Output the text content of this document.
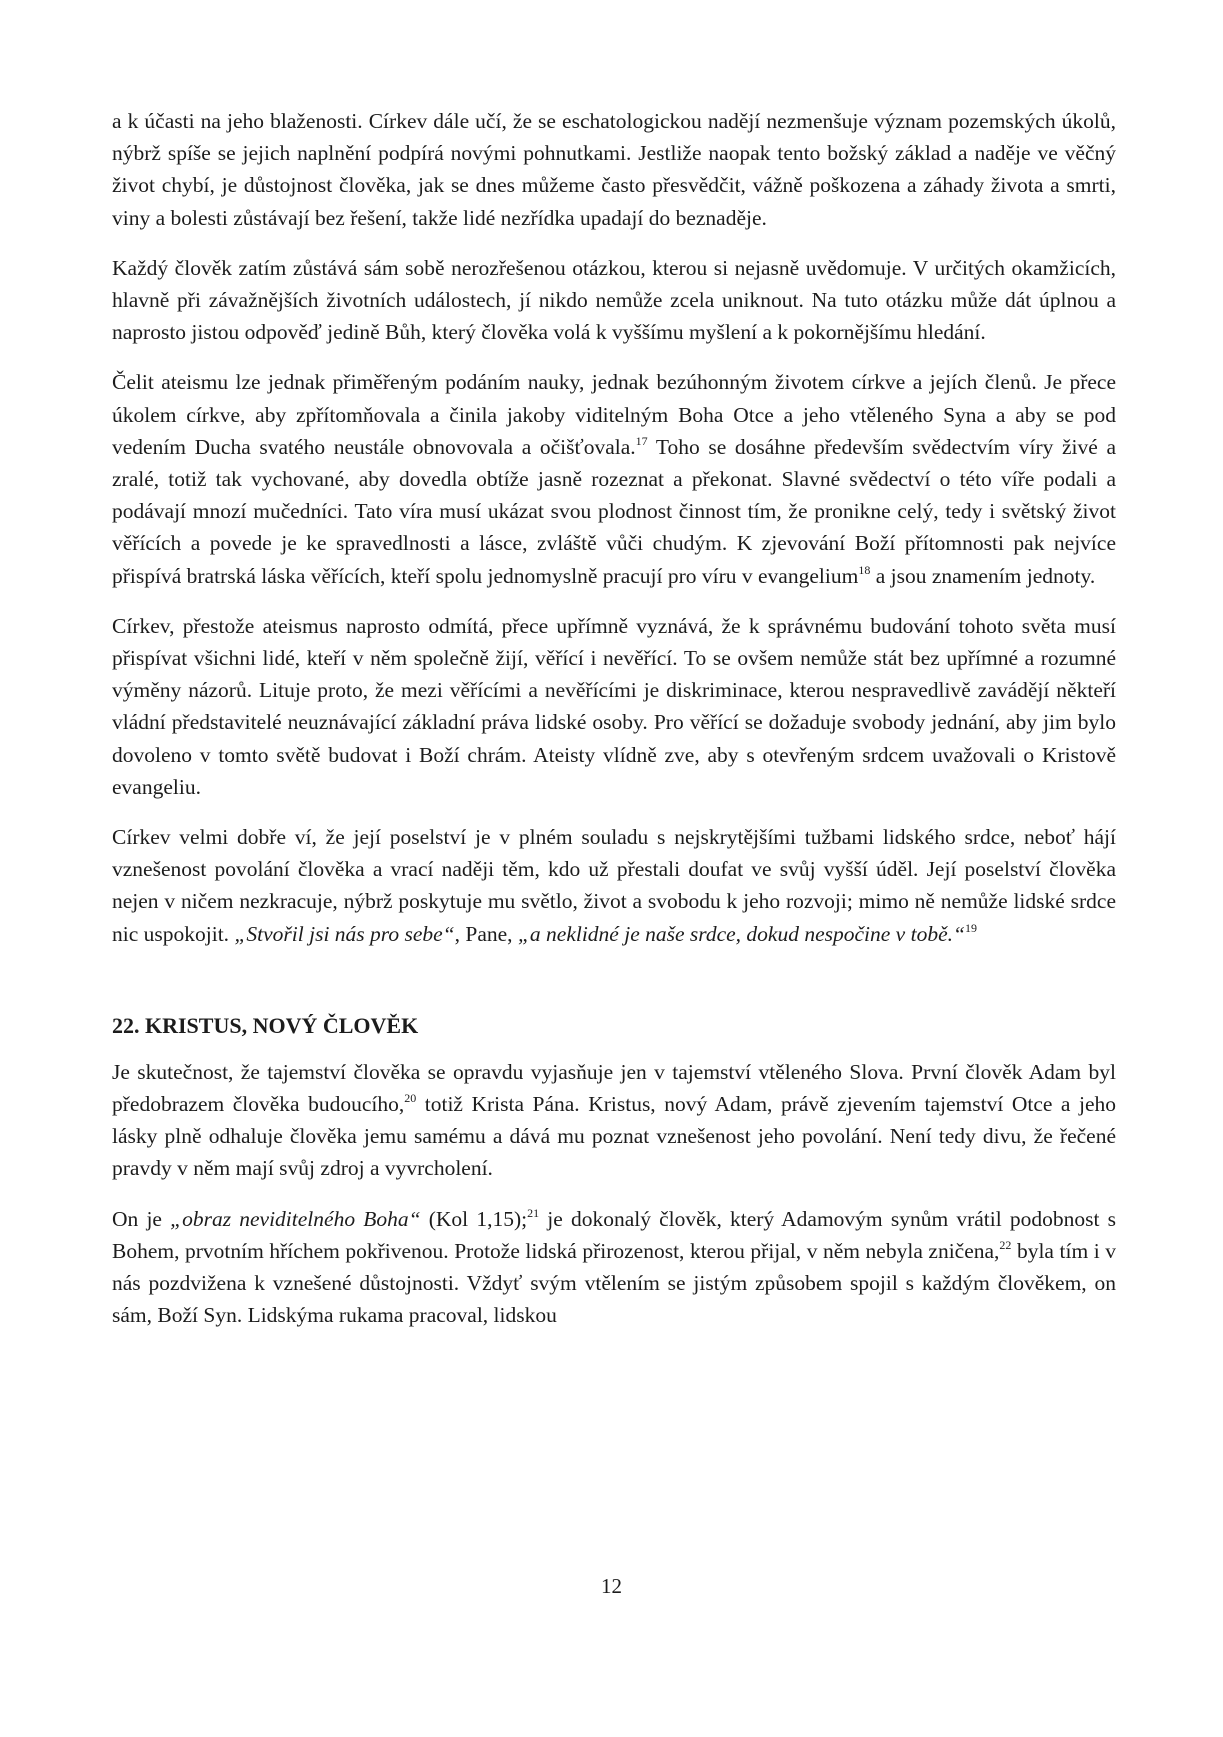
a k účasti na jeho blaženosti. Církev dále učí, že se eschatologickou nadějí nezmenšuje význam pozemských úkolů, nýbrž spíše se jejich naplnění podpírá novými pohnutkami. Jestliže naopak tento božský základ a naděje ve věčný život chybí, je důstojnost člověka, jak se dnes můžeme často přesvědčit, vážně poškozena a záhady života a smrti, viny a bolesti zůstávají bez řešení, takže lidé nezřídka upadají do beznaděje.

Každý člověk zatím zůstává sám sobě nerozřešenou otázkou, kterou si nejasně uvědomuje. V určitých okamžicích, hlavně při závažnějších životních událostech, jí nikdo nemůže zcela uniknout. Na tuto otázku může dát úplnou a naprosto jistou odpověď jedině Bůh, který člověka volá k vyššímu myšlení a k pokornějšímu hledání.

Čelit ateismu lze jednak přiměřeným podáním nauky, jednak bezúhonným životem církve a jejích členů. Je přece úkolem církve, aby zpřítomňovala a činila jakoby viditelným Boha Otce a jeho vtěleného Syna a aby se pod vedením Ducha svatého neustále obnovovala a očišťovala.$^{17}$ Toho se dosáhne především svědectvím víry živé a zralé, totiž tak vychované, aby dovedla obtíže jasně rozeznat a překonat. Slavné svědectví o této víře podali a podávají mnozí mučedníci. Tato víra musí ukázat svou plodnost činnost tím, že pronikne celý, tedy i světský život věřících a povede je ke spravedlnosti a lásce, zvláště vůči chudým. K zjevování Boží přítomnosti pak nejvíce přispívá bratrská láska věřících, kteří spolu jednomyslně pracují pro víru v evangelium$^{18}$ a jsou znamením jednoty.

Církev, přestože ateismus naprosto odmítá, přece upřímně vyznává, že k správnému budování tohoto světa musí přispívat všichni lidé, kteří v něm společně žijí, věřící i nevěřící. To se ovšem nemůže stát bez upřímné a rozumné výměny názorů. Lituje proto, že mezi věřícími a nevěřícími je diskriminace, kterou nespravedlivě zavádějí někteří vládní představitelé neuznávající základní práva lidské osoby. Pro věřící se dožaduje svobody jednání, aby jim bylo dovoleno v tomto světě budovat i Boží chrám. Ateisty vlídně zve, aby s otevřeným srdcem uvažovali o Kristově evangeliu.

Církev velmi dobře ví, že její poselství je v plném souladu s nejskrytějšími tužbami lidského srdce, neboť hájí vznešenost povolání člověka a vrací naději těm, kdo už přestali doufat ve svůj vyšší úděl. Její poselství člověka nejen v ničem nezkracuje, nýbrž poskytuje mu světlo, život a svobodu k jeho rozvoji; mimo ně nemůže lidské srdce nic uspokojit. „Stvořil jsi nás pro sebe“, Pane, „a neklidné je naše srdce, dokud nespočine v tobě.“$^{19}$

22. KRISTUS, NOVÝ ČLOVĚK

Je skutečnost, že tajemství člověka se opravdu vyjasňuje jen v tajemství vtěleného Slova. První člověk Adam byl předobrazem člověka budoucího,$^{20}$ totiž Krista Pána. Kristus, nový Adam, právě zjevením tajemství Otce a jeho lásky plně odhaluje člověka jemu samému a dává mu poznat vznešenost jeho povolání. Není tedy divu, že řečené pravdy v něm mají svůj zdroj a vyvrcholení.

On je „obraz neviditelného Boha“ (Kol 1,15);$^{21}$ je dokonalý člověk, který Adamovým synům vrátil podobnost s Bohem, prvotním hříchem pokřivenou. Protože lidská přirozenost, kterou přijal, v něm nebyla zničena,$^{22}$ byla tím i v nás pozdvižena k vznešené důstojnosti. Vždyť svým vtělením se jistým způsobem spojil s každým člověkem, on sám, Boží Syn. Lidskýma rukama pracoval, lidskou

12
